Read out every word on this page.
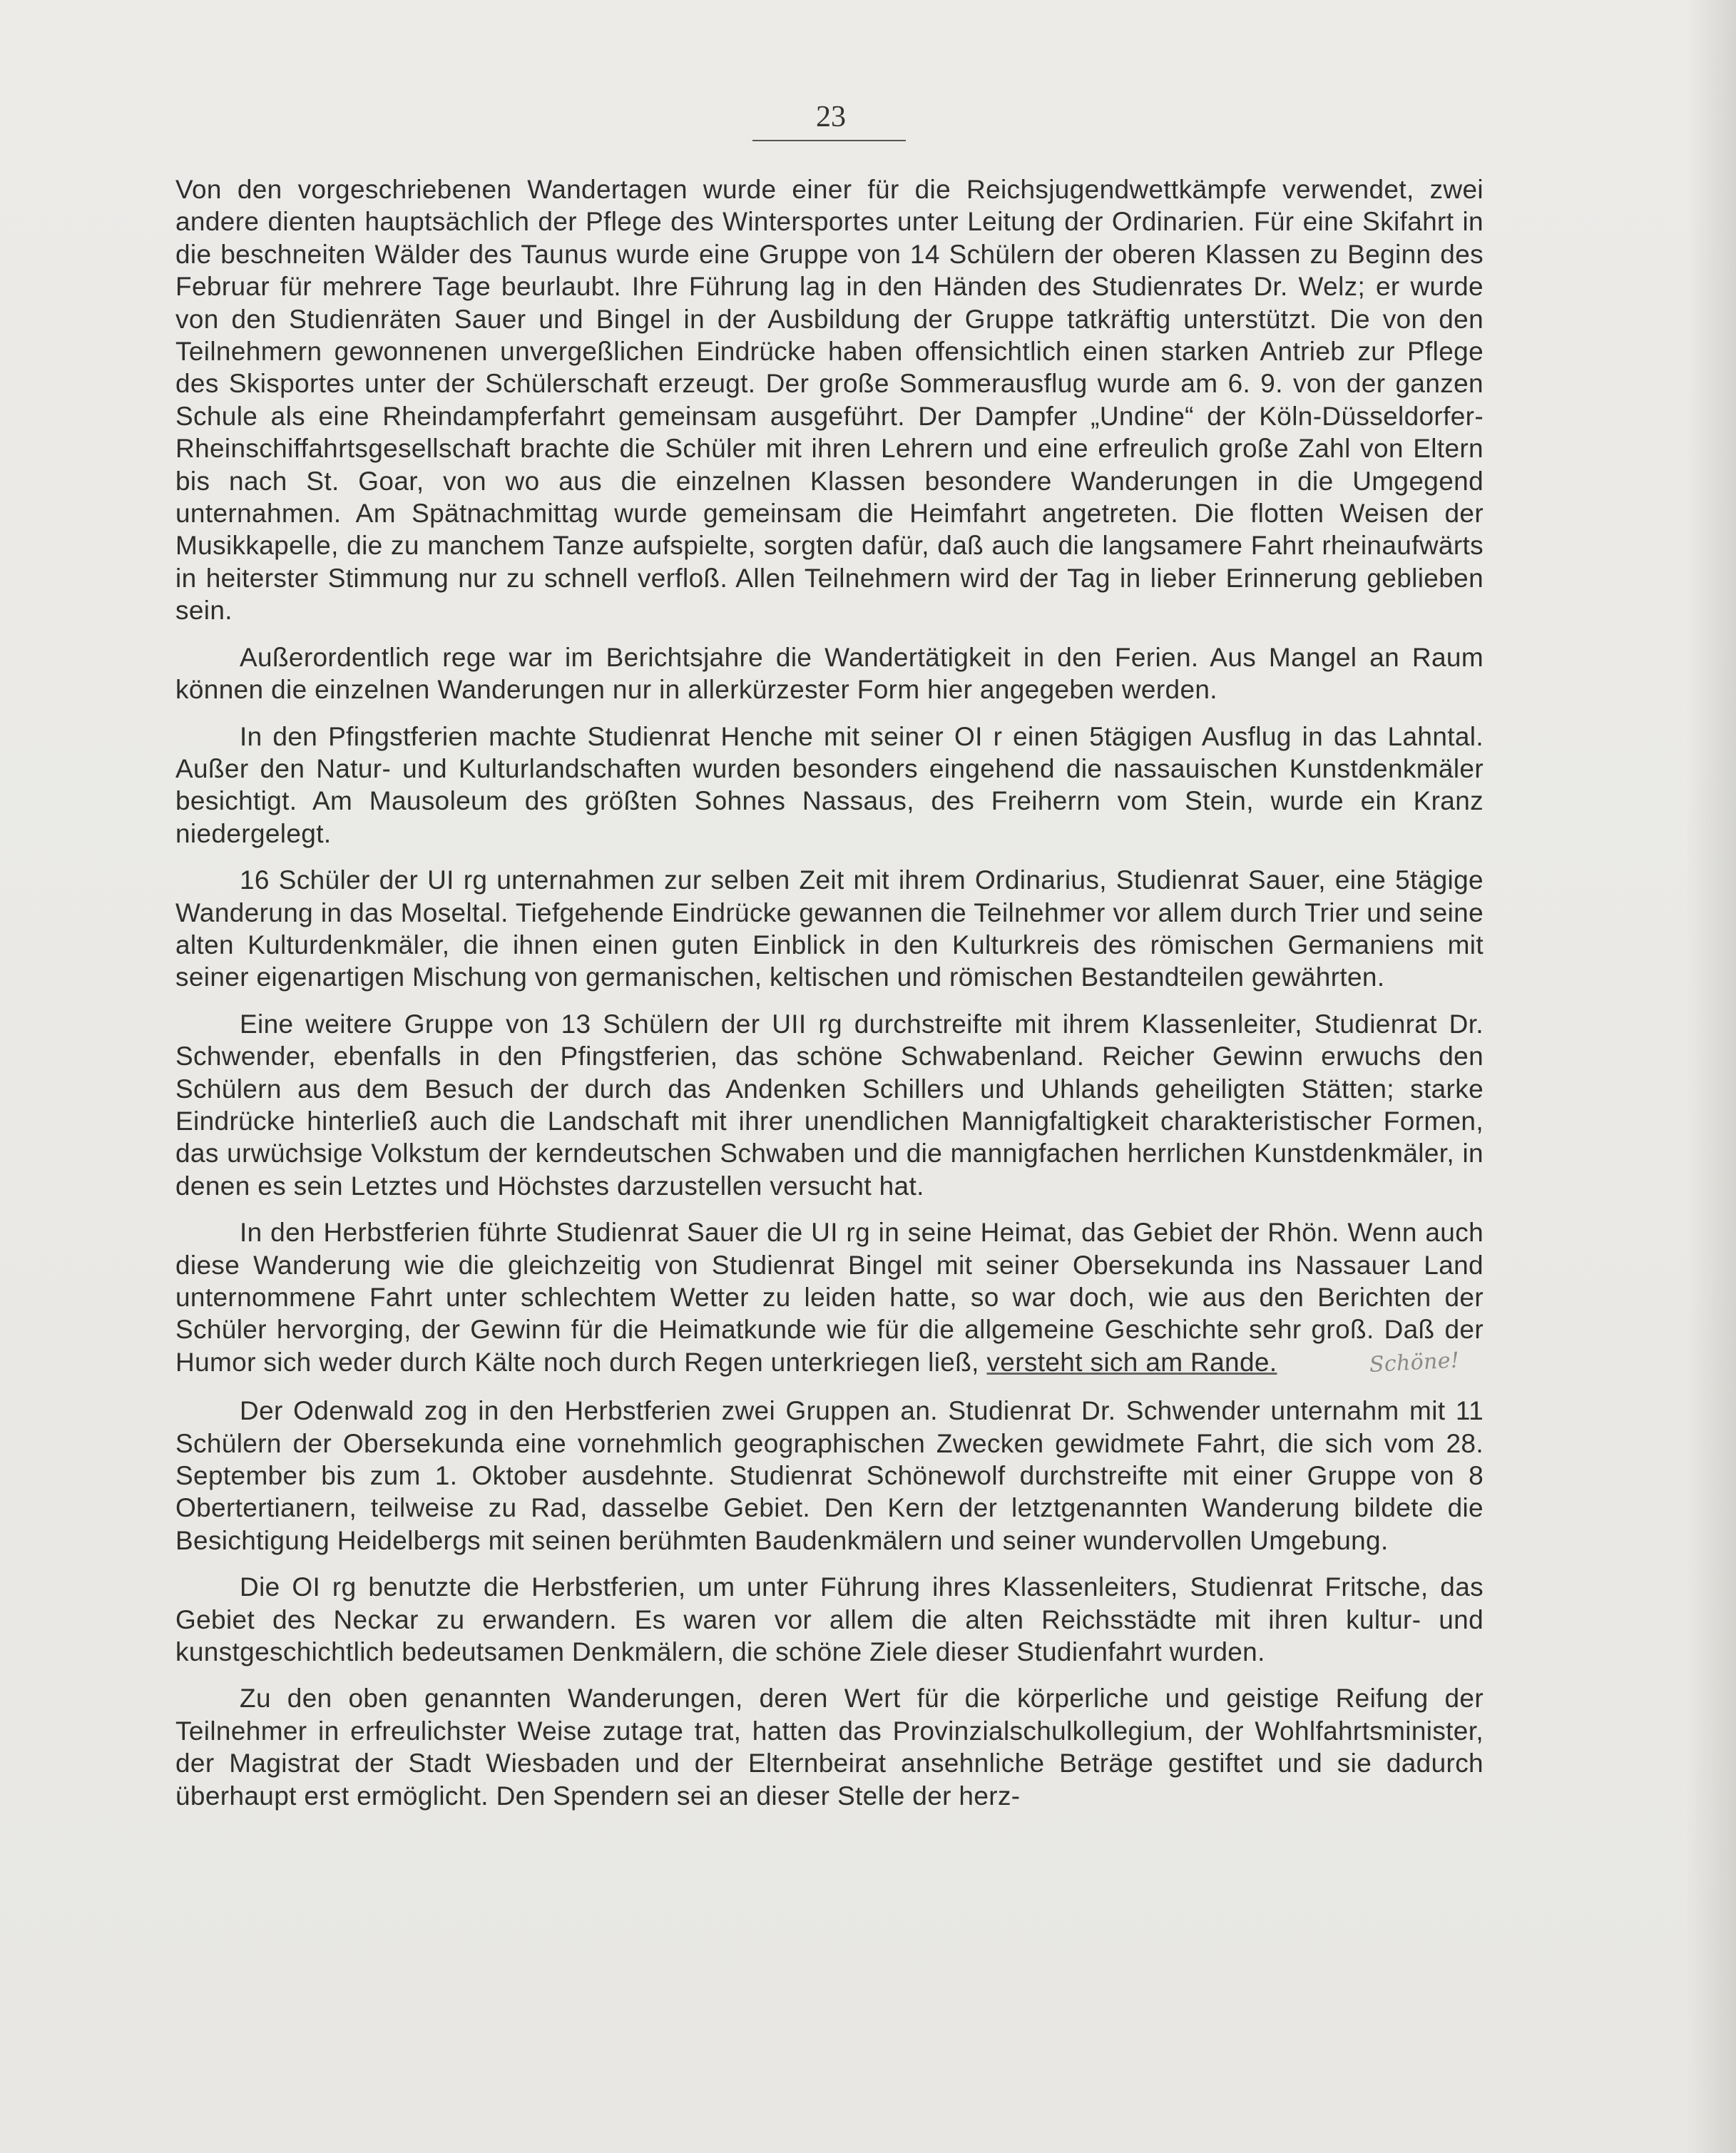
23

Von den vorgeschriebenen Wandertagen wurde einer für die Reichsjugendwettkämpfe verwendet, zwei andere dienten hauptsächlich der Pflege des Wintersportes unter Leitung der Ordinarien. Für eine Skifahrt in die beschneiten Wälder des Taunus wurde eine Gruppe von 14 Schülern der oberen Klassen zu Beginn des Februar für mehrere Tage beurlaubt. Ihre Führung lag in den Händen des Studienrates Dr. Welz; er wurde von den Studienräten Sauer und Bingel in der Ausbildung der Gruppe tatkräftig unterstützt. Die von den Teilnehmern gewonnenen unvergeßlichen Eindrücke haben offensichtlich einen starken Antrieb zur Pflege des Skisportes unter der Schülerschaft erzeugt. Der große Sommerausflug wurde am 6. 9. von der ganzen Schule als eine Rheindampferfahrt gemeinsam ausgeführt. Der Dampfer „Undine“ der Köln-Düsseldorfer-Rheinschiffahrtsgesellschaft brachte die Schüler mit ihren Lehrern und eine erfreulich große Zahl von Eltern bis nach St. Goar, von wo aus die einzelnen Klassen besondere Wanderungen in die Umgegend unternahmen. Am Spätnachmittag wurde gemeinsam die Heimfahrt angetreten. Die flotten Weisen der Musikkapelle, die zu manchem Tanze aufspielte, sorgten dafür, daß auch die langsamere Fahrt rheinaufwärts in heiterster Stimmung nur zu schnell verfloß. Allen Teilnehmern wird der Tag in lieber Erinnerung geblieben sein.

Außerordentlich rege war im Berichtsjahre die Wandertätigkeit in den Ferien. Aus Mangel an Raum können die einzelnen Wanderungen nur in allerkürzester Form hier angegeben werden.

In den Pfingstferien machte Studienrat Henche mit seiner OI r einen 5tägigen Ausflug in das Lahntal. Außer den Natur- und Kulturlandschaften wurden besonders eingehend die nassauischen Kunstdenkmäler besichtigt. Am Mausoleum des größten Sohnes Nassaus, des Freiherrn vom Stein, wurde ein Kranz niedergelegt.

16 Schüler der UI rg unternahmen zur selben Zeit mit ihrem Ordinarius, Studienrat Sauer, eine 5tägige Wanderung in das Moseltal. Tiefgehende Eindrücke gewannen die Teilnehmer vor allem durch Trier und seine alten Kulturdenkmäler, die ihnen einen guten Einblick in den Kulturkreis des römischen Germaniens mit seiner eigenartigen Mischung von germanischen, keltischen und römischen Bestandteilen gewährten.

Eine weitere Gruppe von 13 Schülern der UII rg durchstreifte mit ihrem Klassenleiter, Studienrat Dr. Schwender, ebenfalls in den Pfingstferien, das schöne Schwabenland. Reicher Gewinn erwuchs den Schülern aus dem Besuch der durch das Andenken Schillers und Uhlands geheiligten Stätten; starke Eindrücke hinterließ auch die Landschaft mit ihrer unendlichen Mannigfaltigkeit charakteristischer Formen, das urwüchsige Volkstum der kerndeutschen Schwaben und die mannigfachen herrlichen Kunstdenkmäler, in denen es sein Letztes und Höchstes darzustellen versucht hat.

In den Herbstferien führte Studienrat Sauer die UI rg in seine Heimat, das Gebiet der Rhön. Wenn auch diese Wanderung wie die gleichzeitig von Studienrat Bingel mit seiner Obersekunda ins Nassauer Land unternommene Fahrt unter schlechtem Wetter zu leiden hatte, so war doch, wie aus den Berichten der Schüler hervorging, der Gewinn für die Heimatkunde wie für die allgemeine Geschichte sehr groß. Daß der Humor sich weder durch Kälte noch durch Regen unterkriegen ließ, versteht sich am Rande.	Schöne!

Der Odenwald zog in den Herbstferien zwei Gruppen an. Studienrat Dr. Schwender unternahm mit 11 Schülern der Obersekunda eine vornehmlich geographischen Zwecken gewidmete Fahrt, die sich vom 28. September bis zum 1. Oktober ausdehnte. Studienrat Schönewolf durchstreifte mit einer Gruppe von 8 Obertertianern, teilweise zu Rad, dasselbe Gebiet. Den Kern der letztgenannten Wanderung bildete die Besichtigung Heidelbergs mit seinen berühmten Baudenkmälern und seiner wundervollen Umgebung.

Die OI rg benutzte die Herbstferien, um unter Führung ihres Klassenleiters, Studienrat Fritsche, das Gebiet des Neckar zu erwandern. Es waren vor allem die alten Reichsstädte mit ihren kultur- und kunstgeschichtlich bedeutsamen Denkmälern, die schöne Ziele dieser Studienfahrt wurden.

Zu den oben genannten Wanderungen, deren Wert für die körperliche und geistige Reifung der Teilnehmer in erfreulichster Weise zutage trat, hatten das Provinzialschulkollegium, der Wohlfahrtsminister, der Magistrat der Stadt Wiesbaden und der Elternbeirat ansehnliche Beträge gestiftet und sie dadurch überhaupt erst ermöglicht. Den Spendern sei an dieser Stelle der herz-
